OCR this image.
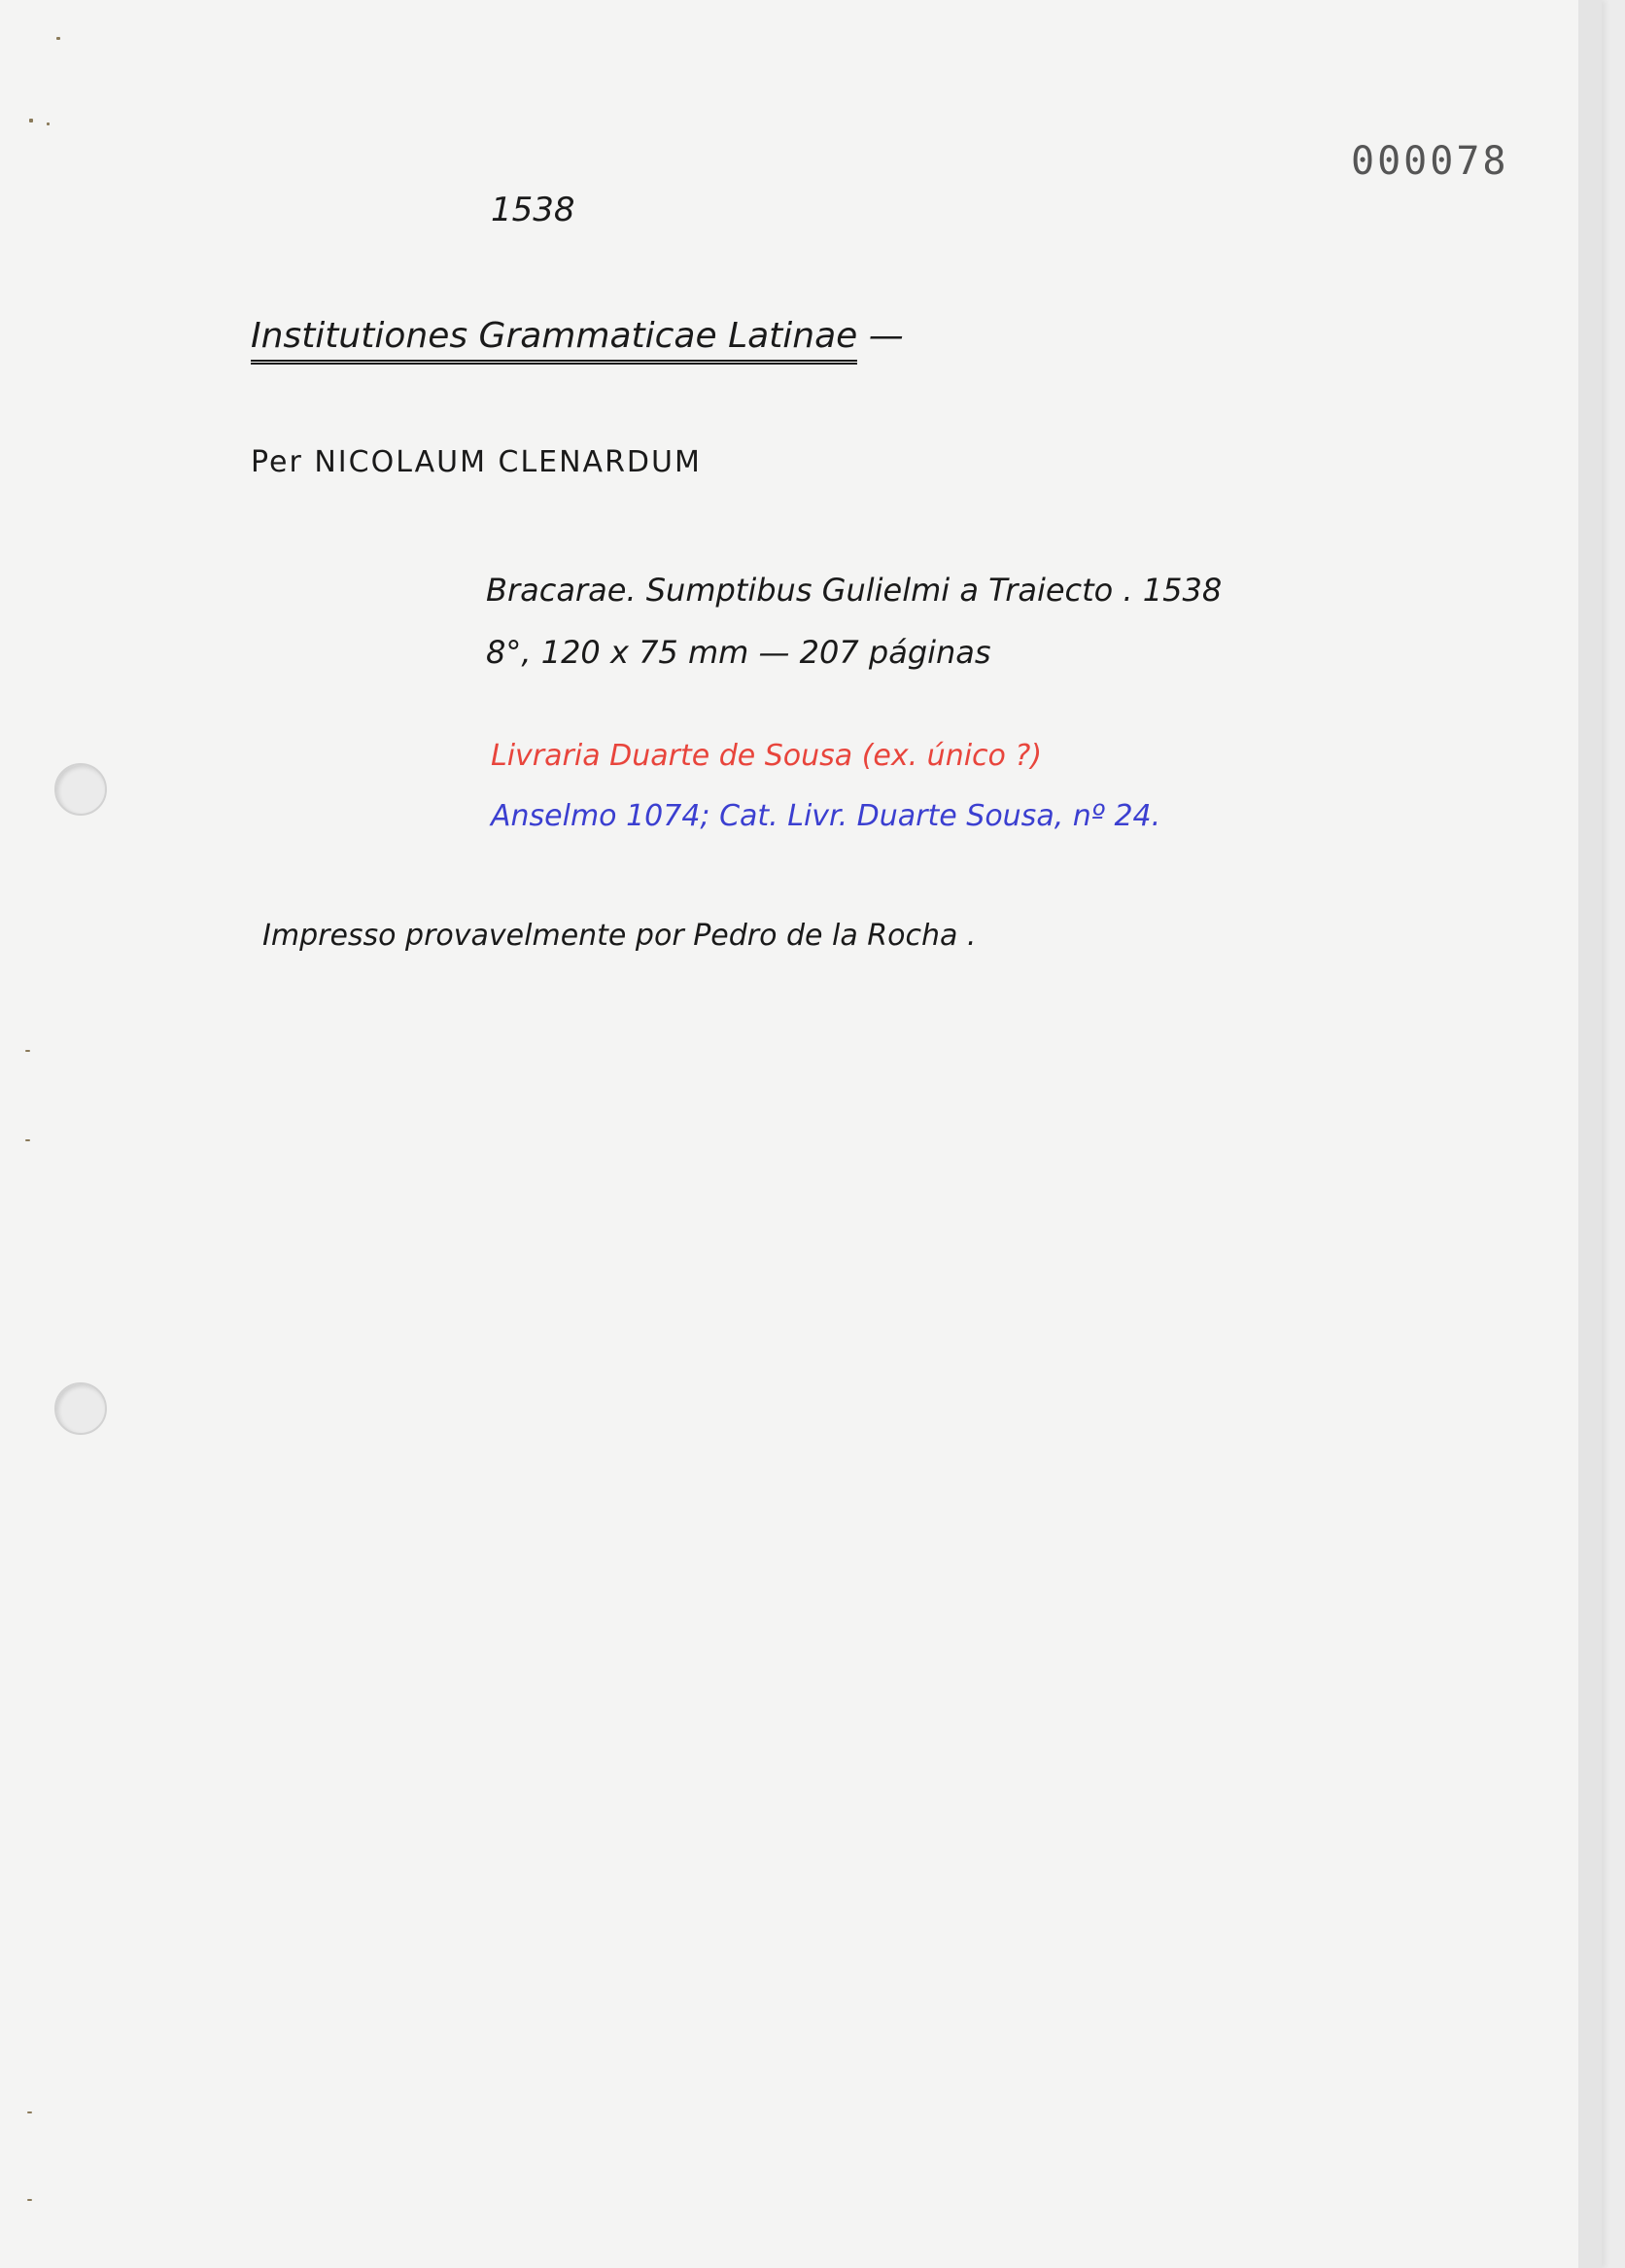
000078
1538
Institutiones Grammaticae Latinae —
Per NICOLAUM CLENARDUM
Bracarae. Sumptibus Gulielmi a Traiecto . 1538
8°, 120 x 75 mm — 207 páginas
Livraria Duarte de Sousa (ex. único ?)
Anselmo 1074; Cat. Livr. Duarte Sousa, nº 24.
Impresso provavelmente por Pedro de la Rocha .
